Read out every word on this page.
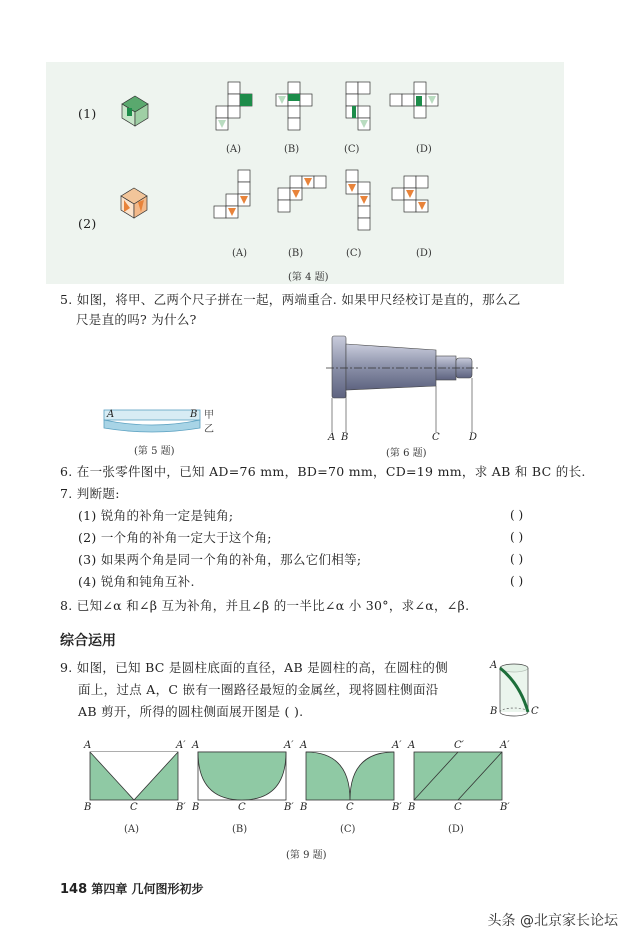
(1)
(2)
(A)	(B)	(C)	(D)
(A)	(B)	(C)	(D)
(第 4 题)
5. 如图，将甲、乙两个尺子拼在一起，两端重合. 如果甲尺经校订是直的，那么乙
尺是直的吗? 为什么?
A	B 甲
乙
(第 5 题)
A B	C	D
(第 6 题)
6. 在一张零件图中，已知 AD=76 mm，BD=70 mm，CD=19 mm，求 AB 和 BC 的长.
7. 判断题:
(1) 锐角的补角一定是钝角;	( )
(2) 一个角的补角一定大于这个角;	( )
(3) 如果两个角是同一个角的补角，那么它们相等;	( )
(4) 锐角和钝角互补.	( )
8. 已知∠α 和∠β 互为补角，并且∠β 的一半比∠α 小 30°，求∠α，∠β.
综合运用
9. 如图，已知 BC 是圆柱底面的直径，AB 是圆柱的高，在圆柱的侧
面上，过点 A，C 嵌有一圈路径最短的金属丝，现将圆柱侧面沿
AB 剪开，所得的圆柱侧面展开图是 ( ).
A
B	C
A	A′
B	C	B′
A	A′
B	C	B′
A	A′
B	C	B′
A	C′	A′
B	C	B′
(A)	(B)	(C)	(D)
(第 9 题)
148 第四章 几何图形初步
头条 @北京家长论坛
